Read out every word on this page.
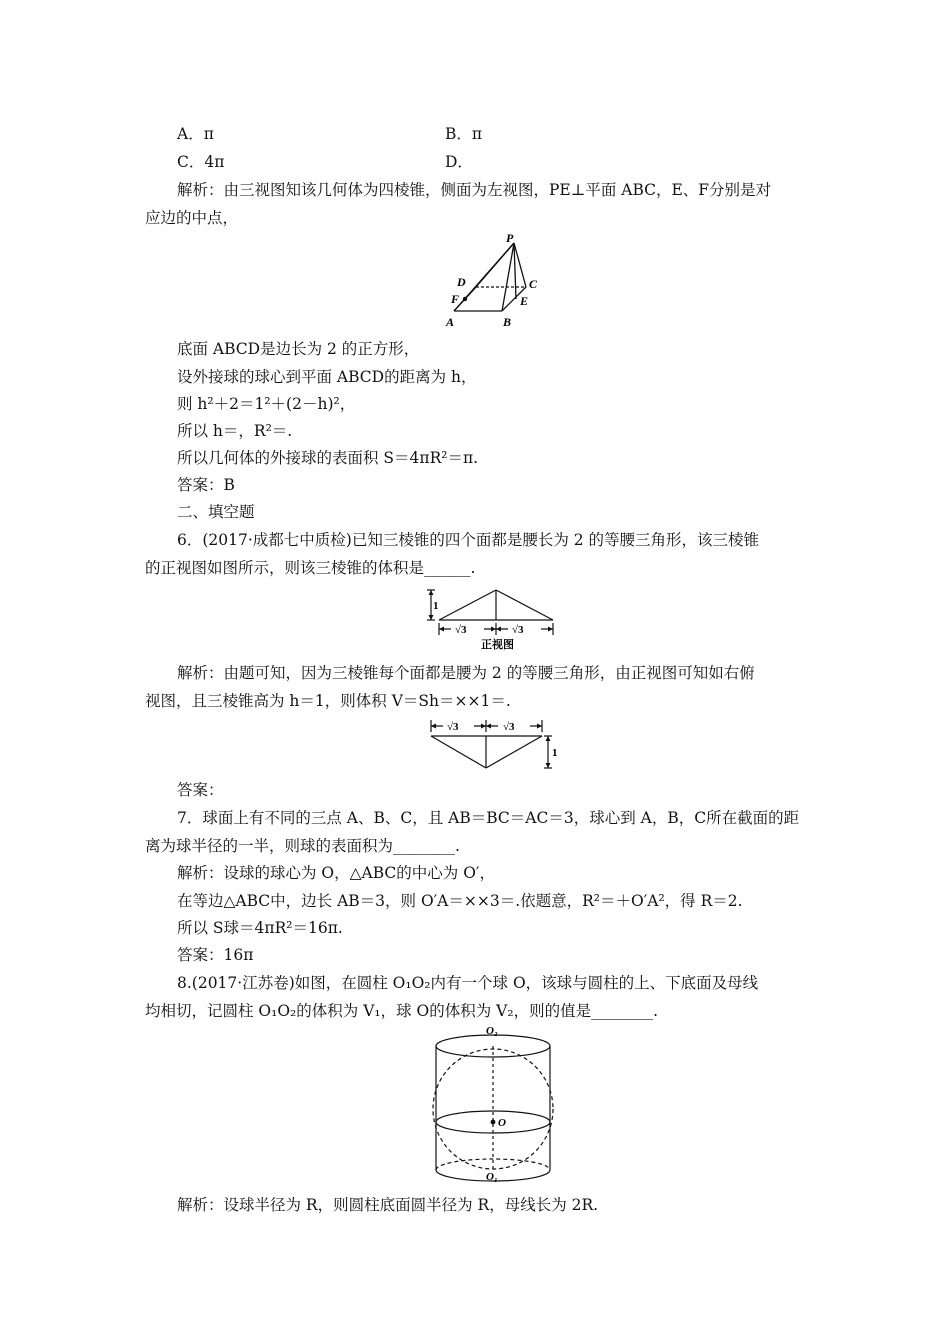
A．π	B．π
C．4π	D．
解析：由三视图知该几何体为四棱锥，侧面为左视图，PE⊥平面 ABC，E、F分别是对
应边的中点，
P
D	C
F	E
A	B
底面 ABCD是边长为 2 的正方形，
设外接球的球心到平面 ABCD的距离为 h，
则 h²＋2＝1²＋(2－h)²，
所以 h＝，R²＝.
所以几何体的外接球的表面积 S＝4πR²＝π.
答案：B
二、填空题
6．(2017·成都七中质检)已知三棱锥的四个面都是腰长为 2 的等腰三角形，该三棱锥
的正视图如图所示，则该三棱锥的体积是______.
1
√3	√3
正视图
解析：由题可知，因为三棱锥每个面都是腰为 2 的等腰三角形，由正视图可知如右俯
视图，且三棱锥高为 h＝1，则体积 V＝Sh＝××1＝.
√3	√3
1
答案：
7．球面上有不同的三点 A、B、C，且 AB＝BC＝AC＝3，球心到 A，B，C所在截面的距
离为球半径的一半，则球的表面积为________.
解析：设球的球心为 O，△ABC的中心为 O′，
在等边△ABC中，边长 AB＝3，则 O′A＝××3＝.依题意，R²＝＋O′A²，得 R＝2.
所以 S球＝4πR²＝16π.
答案：16π
8.(2017·江苏卷)如图，在圆柱 O₁O₂内有一个球 O，该球与圆柱的上、下底面及母线
均相切，记圆柱 O₁O₂的体积为 V₁，球 O的体积为 V₂，则的值是________.
O₂
O
O₁
解析：设球半径为 R，则圆柱底面圆半径为 R，母线长为 2R.
